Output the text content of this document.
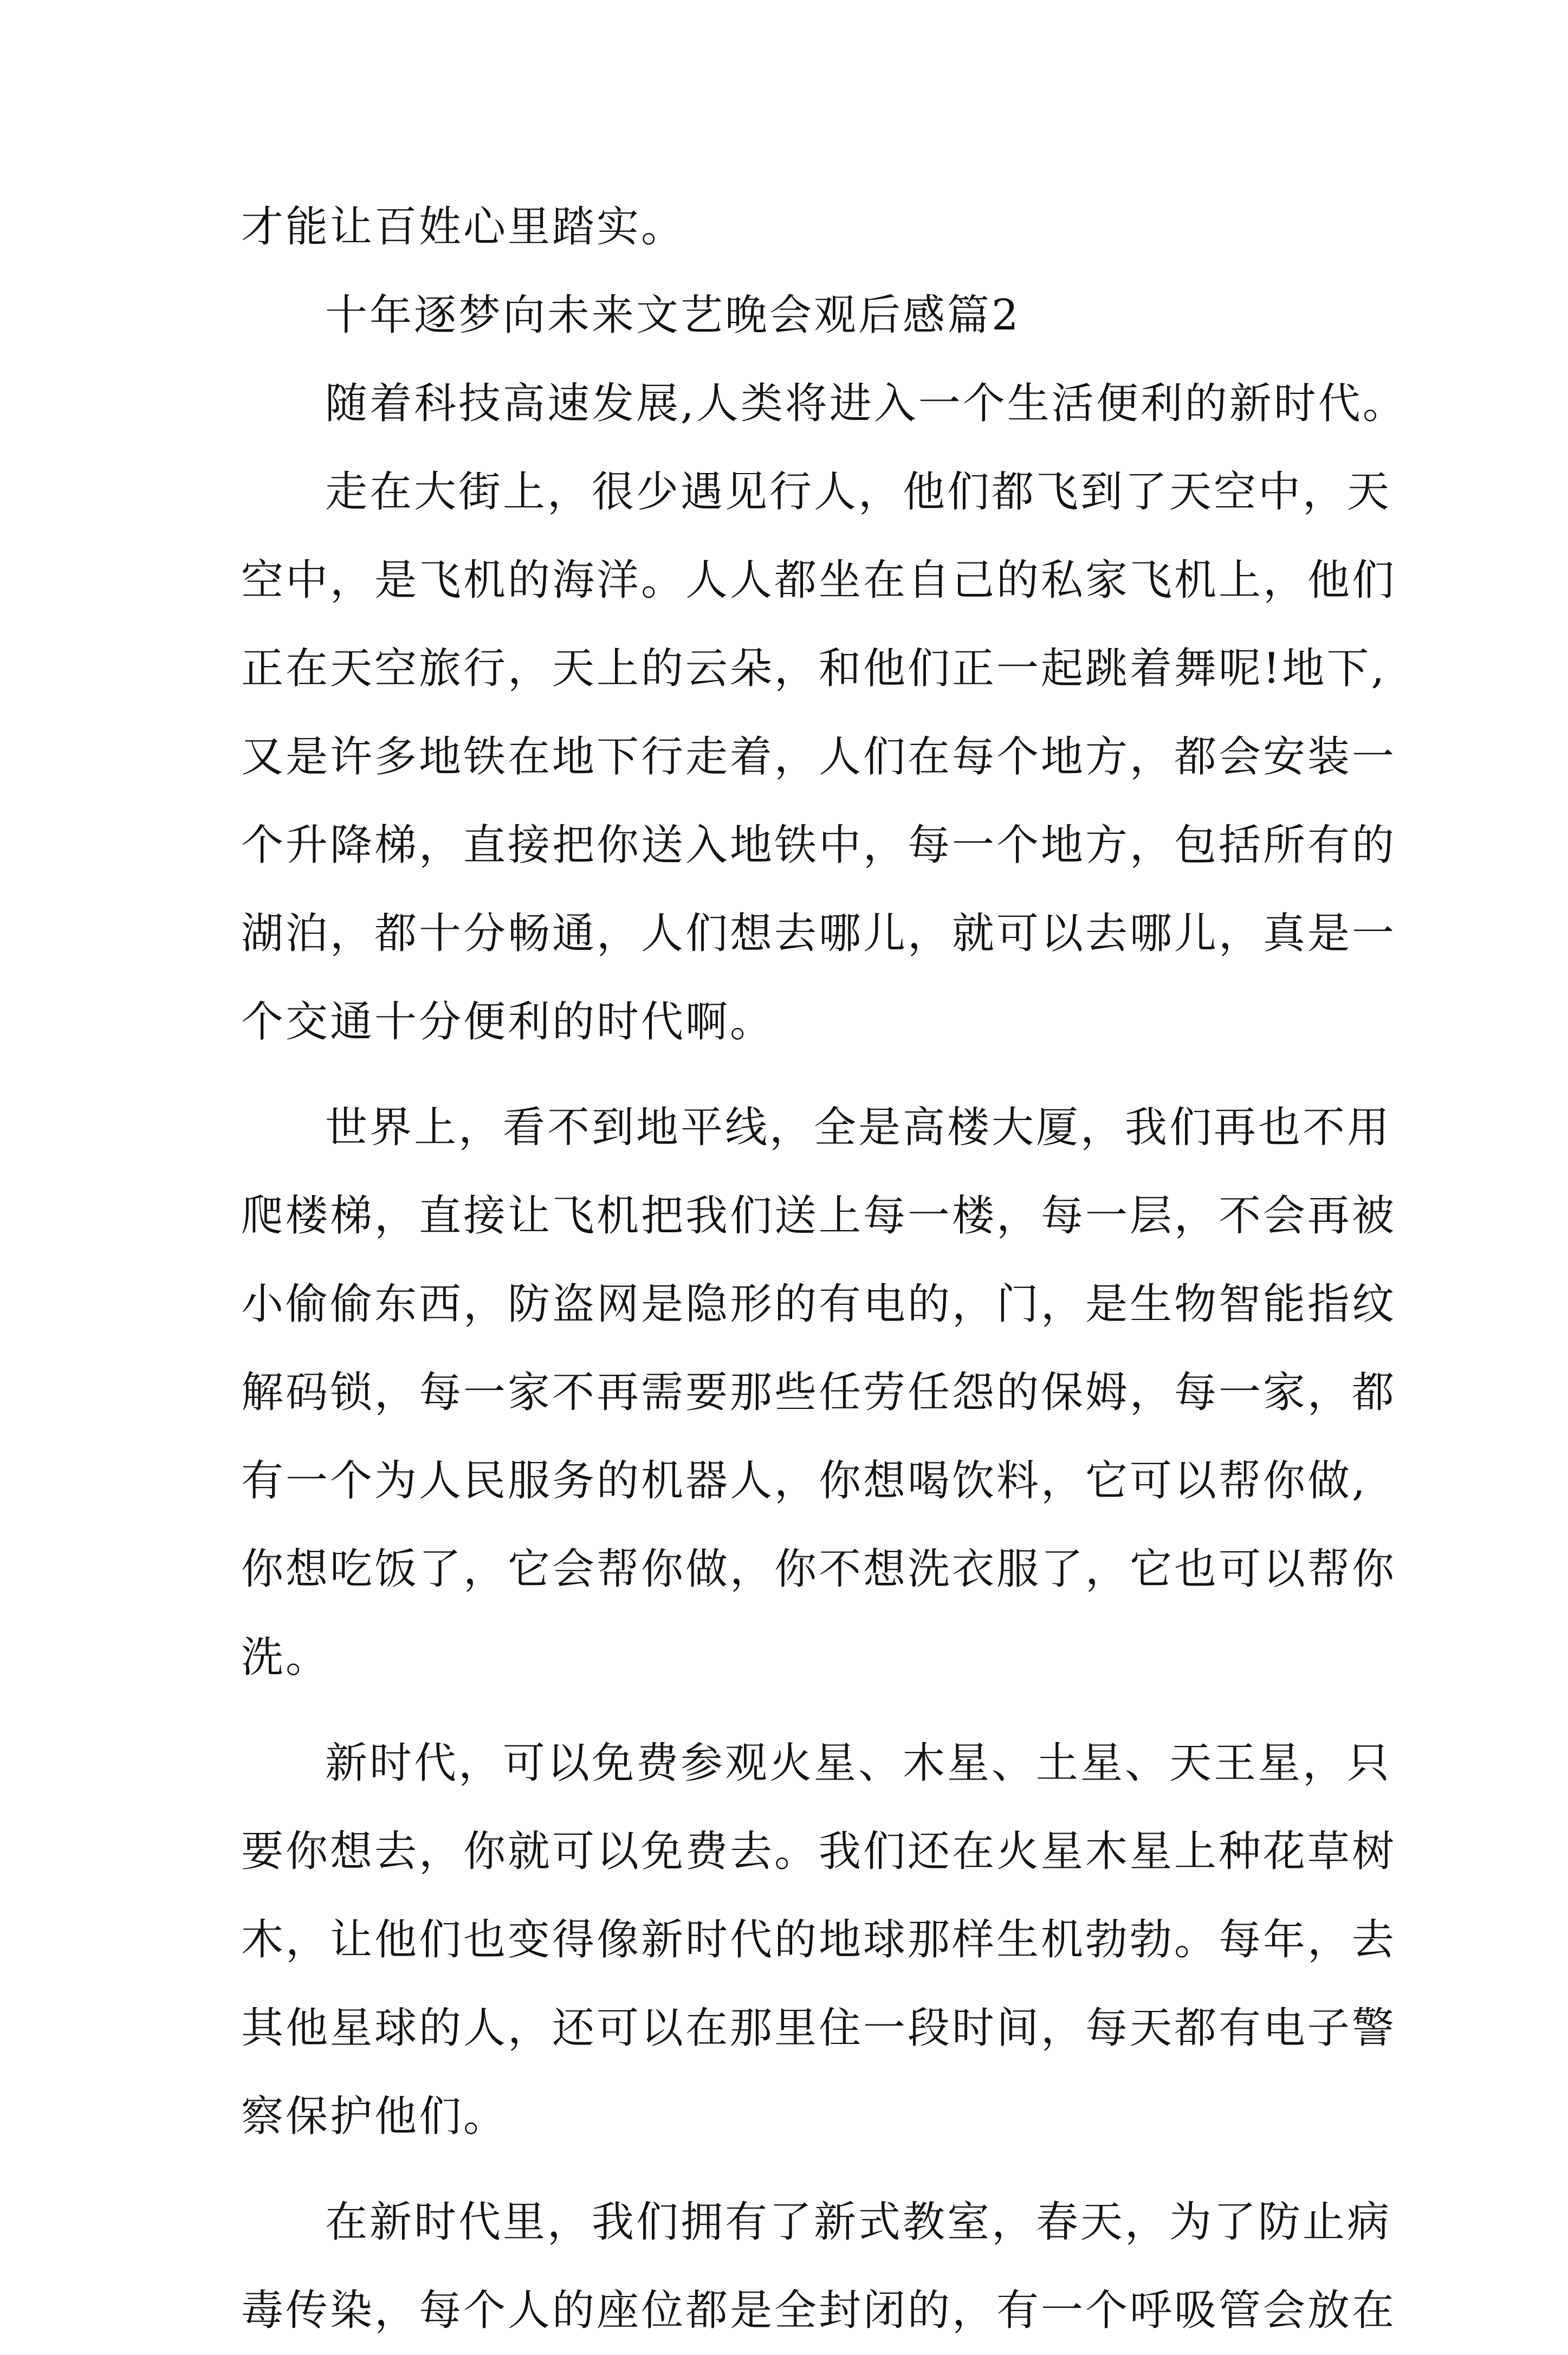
才能让百姓心里踏实。
十年逐梦向未来文艺晚会观后感篇2
随着科技高速发展,人类将进入一个生活便利的新时代。
走在大街上，很少遇见行人，他们都飞到了天空中，天
空中，是飞机的海洋。人人都坐在自己的私家飞机上，他们
正在天空旅行，天上的云朵，和他们正一起跳着舞呢!地下,
又是许多地铁在地下行走着，人们在每个地方，都会安装一
个升降梯，直接把你送入地铁中，每一个地方，包括所有的
湖泊，都十分畅通，人们想去哪儿，就可以去哪儿，真是一
个交通十分便利的时代啊。
世界上，看不到地平线，全是高楼大厦，我们再也不用
爬楼梯，直接让飞机把我们送上每一楼，每一层，不会再被
小偷偷东西，防盗网是隐形的有电的，门，是生物智能指纹
解码锁，每一家不再需要那些任劳任怨的保姆，每一家，都
有一个为人民服务的机器人，你想喝饮料，它可以帮你做,
你想吃饭了，它会帮你做，你不想洗衣服了，它也可以帮你
洗。
新时代，可以免费参观火星、木星、土星、天王星，只
要你想去，你就可以免费去。我们还在火星木星上种花草树
木，让他们也变得像新时代的地球那样生机勃勃。每年，去
其他星球的人，还可以在那里住一段时间，每天都有电子警
察保护他们。
在新时代里，我们拥有了新式教室，春天，为了防止病
毒传染，每个人的座位都是全封闭的，有一个呼吸管会放在
